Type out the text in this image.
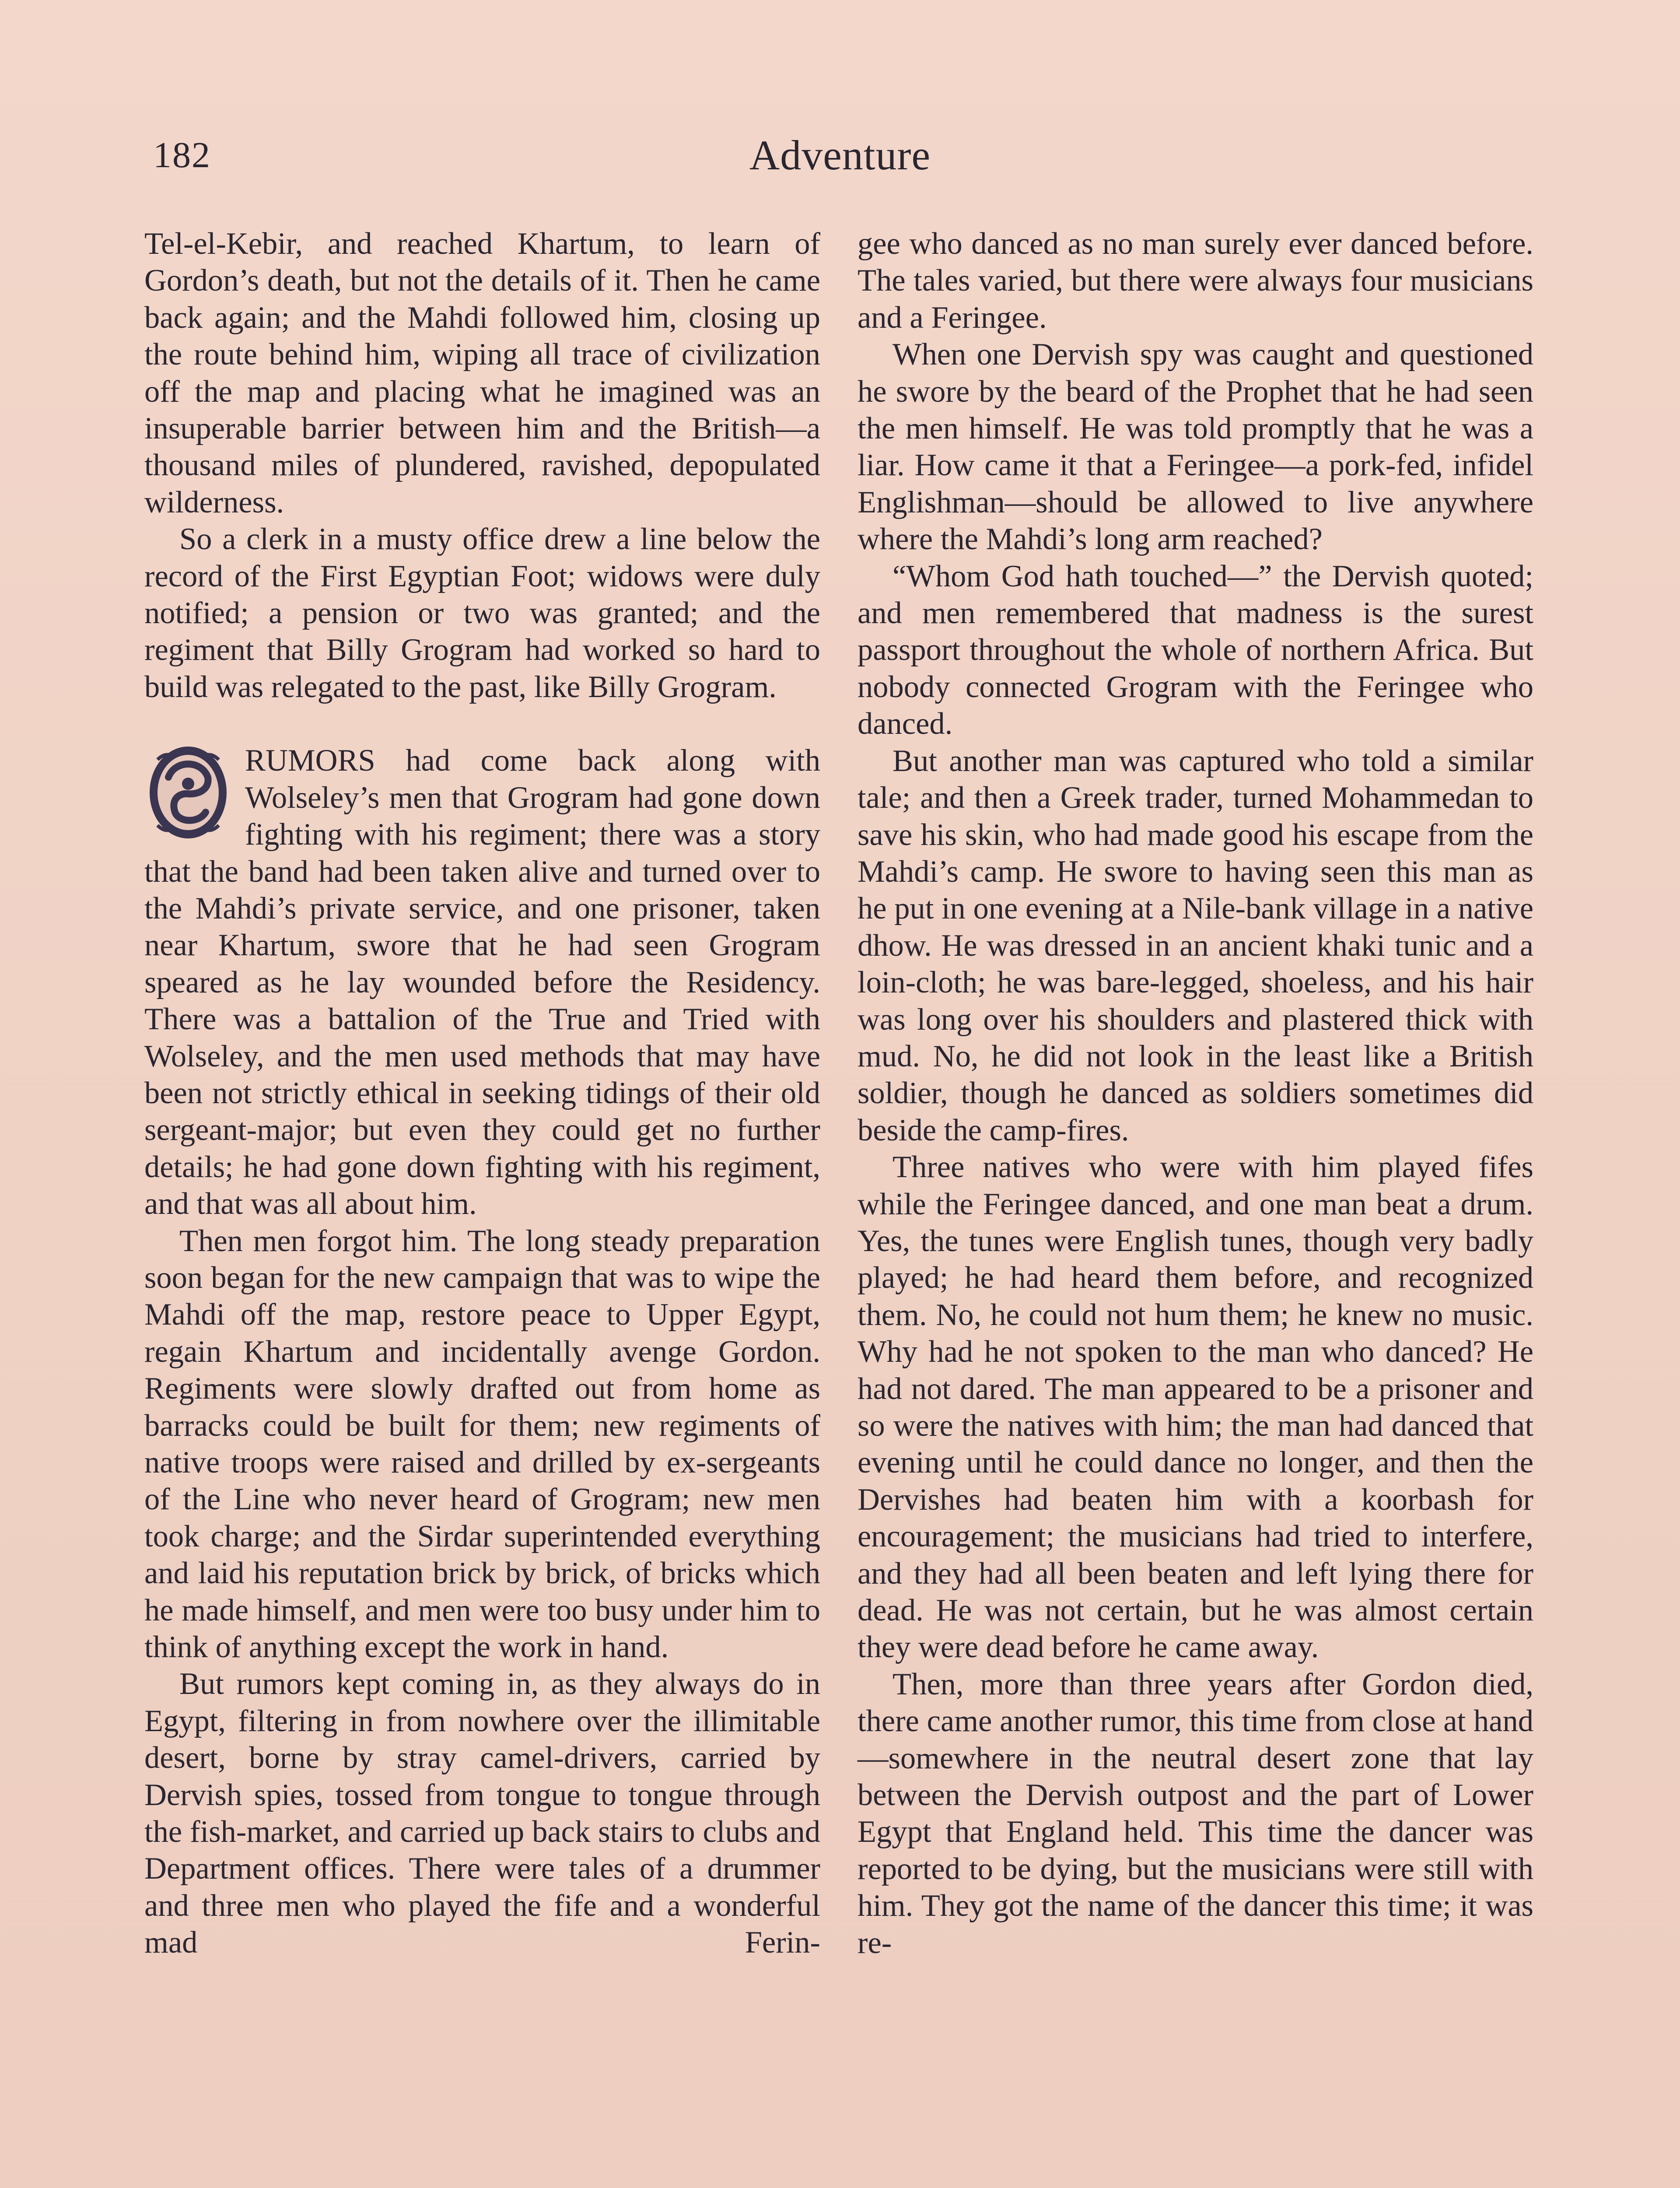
182	Adventure

Tel-el-Kebir, and reached Khartum, to learn of Gordon’s death, but not the details of it. Then he came back again; and the Mahdi followed him, closing up the route behind him, wiping all trace of civilization off the map and placing what he imagined was an insuperable barrier between him and the British—a thousand miles of plundered, ravished, depopulated wilderness.

So a clerk in a musty office drew a line below the record of the First Egyptian Foot; widows were duly notified; a pension or two was granted; and the regiment that Billy Grogram had worked so hard to build was relegated to the past, like Billy Grogram.

RUMORS had come back along with Wolseley’s men that Grogram had gone down fighting with his regiment; there was a story that the band had been taken alive and turned over to the Mahdi’s private service, and one prisoner, taken near Khartum, swore that he had seen Grogram speared as he lay wounded before the Residency. There was a battalion of the True and Tried with Wolseley, and the men used methods that may have been not strictly ethical in seeking tidings of their old sergeant-major; but even they could get no further details; he had gone down fighting with his regiment, and that was all about him.

Then men forgot him. The long steady preparation soon began for the new campaign that was to wipe the Mahdi off the map, restore peace to Upper Egypt, regain Khartum and incidentally avenge Gordon. Regiments were slowly drafted out from home as barracks could be built for them; new regiments of native troops were raised and drilled by ex-sergeants of the Line who never heard of Grogram; new men took charge; and the Sirdar superintended everything and laid his reputation brick by brick, of bricks which he made himself, and men were too busy under him to think of anything except the work in hand.

But rumors kept coming in, as they always do in Egypt, filtering in from nowhere over the illimitable desert, borne by stray camel-drivers, carried by Dervish spies, tossed from tongue to tongue through the fish-market, and carried up back stairs to clubs and Department offices. There were tales of a drummer and three men who played the fife and a wonderful mad Ferin-

gee who danced as no man surely ever danced before. The tales varied, but there were always four musicians and a Feringee.

When one Dervish spy was caught and questioned he swore by the beard of the Prophet that he had seen the men himself. He was told promptly that he was a liar. How came it that a Feringee—a pork-fed, infidel Englishman—should be allowed to live anywhere where the Mahdi’s long arm reached?

“Whom God hath touched—” the Dervish quoted; and men remembered that madness is the surest passport throughout the whole of northern Africa. But nobody connected Grogram with the Feringee who danced.

But another man was captured who told a similar tale; and then a Greek trader, turned Mohammedan to save his skin, who had made good his escape from the Mahdi’s camp. He swore to having seen this man as he put in one evening at a Nile-bank village in a native dhow. He was dressed in an ancient khaki tunic and a loin-cloth; he was bare-legged, shoeless, and his hair was long over his shoulders and plastered thick with mud. No, he did not look in the least like a British soldier, though he danced as soldiers sometimes did beside the camp-fires.

Three natives who were with him played fifes while the Feringee danced, and one man beat a drum. Yes, the tunes were English tunes, though very badly played; he had heard them before, and recognized them. No, he could not hum them; he knew no music. Why had he not spoken to the man who danced? He had not dared. The man appeared to be a prisoner and so were the natives with him; the man had danced that evening until he could dance no longer, and then the Dervishes had beaten him with a koorbash for encouragement; the musicians had tried to interfere, and they had all been beaten and left lying there for dead. He was not certain, but he was almost certain they were dead before he came away.

Then, more than three years after Gordon died, there came another rumor, this time from close at hand—somewhere in the neutral desert zone that lay between the Dervish outpost and the part of Lower Egypt that England held. This time the dancer was reported to be dying, but the musicians were still with him. They got the name of the dancer this time; it was re-
